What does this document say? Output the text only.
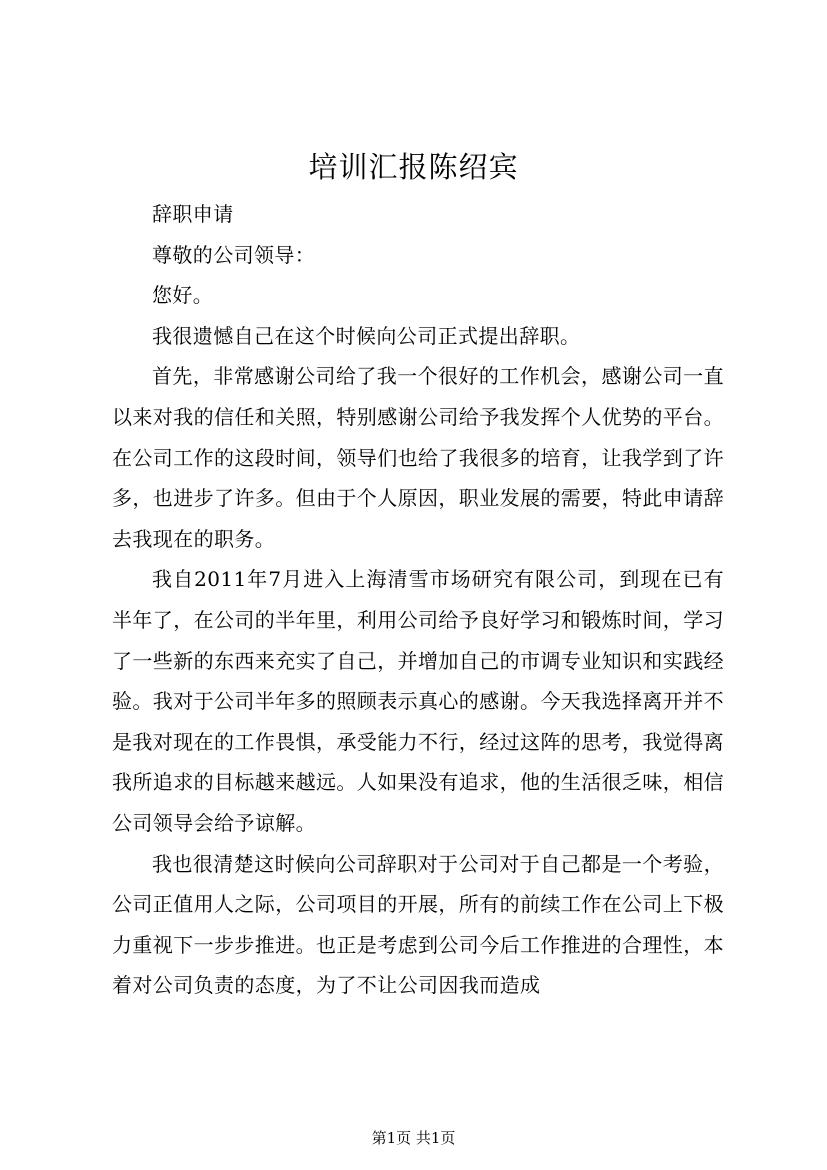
培训汇报陈绍宾

辞职申请

尊敬的公司领导：

您好。

我很遗憾自己在这个时候向公司正式提出辞职。

首先，非常感谢公司给了我一个很好的工作机会，感谢公司一直以来对我的信任和关照，特别感谢公司给予我发挥个人优势的平台。在公司工作的这段时间，领导们也给了我很多的培育，让我学到了许多，也进步了许多。但由于个人原因，职业发展的需要，特此申请辞去我现在的职务。

我自2011年7月进入上海清雪市场研究有限公司，到现在已有半年了，在公司的半年里，利用公司给予良好学习和锻炼时间，学习了一些新的东西来充实了自己，并增加自己的市调专业知识和实践经验。我对于公司半年多的照顾表示真心的感谢。今天我选择离开并不是我对现在的工作畏惧，承受能力不行，经过这阵的思考，我觉得离我所追求的目标越来越远。人如果没有追求，他的生活很乏味，相信公司领导会给予谅解。

我也很清楚这时候向公司辞职对于公司对于自己都是一个考验，公司正值用人之际，公司项目的开展，所有的前续工作在公司上下极力重视下一步步推进。也正是考虑到公司今后工作推进的合理性，本着对公司负责的态度，为了不让公司因我而造成

第1页 共1页
